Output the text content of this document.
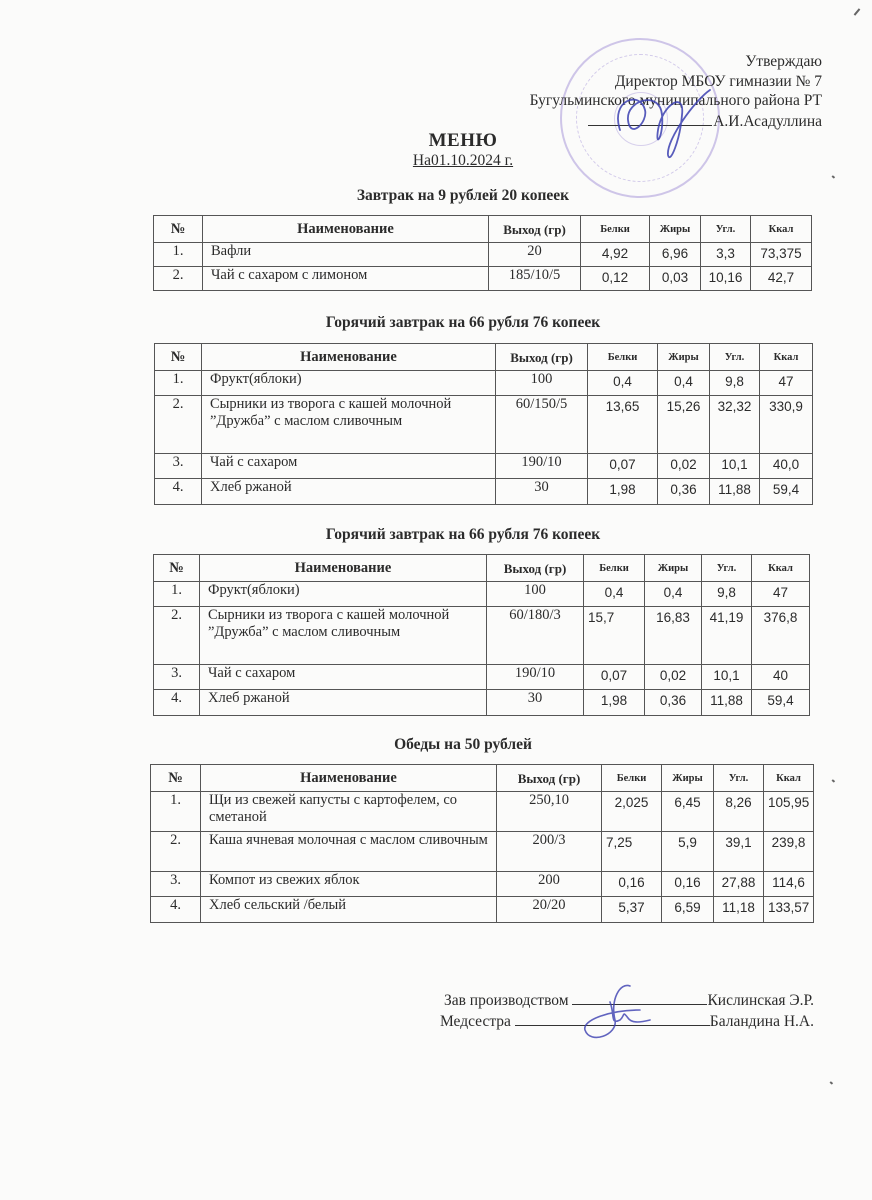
Утверждаю
Директор МБОУ гимназии № 7
Бугульминского муниципального района РТ
А.И.Асадуллина
МЕНЮ
На01.10.2024 г.
Завтрак на 9 рублей 20 копеек
№	Наименование	Выход (гр)	Белки	Жиры	Угл.	Ккал
1.	Вафли	20	4,92	6,96	3,3	73,375
2.	Чай с сахаром с лимоном	185/10/5	0,12	0,03	10,16	42,7
Горячий завтрак на 66 рубля 76 копеек
№	Наименование	Выход (гр)	Белки	Жиры	Угл.	Ккал
1.	Фрукт(яблоки)	100	0,4	0,4	9,8	47
2.	Сырники из творога с кашей молочной ”Дружба” с маслом сливочным	60/150/5	13,65	15,26	32,32	330,9
3.	Чай с сахаром	190/10	0,07	0,02	10,1	40,0
4.	Хлеб ржаной	30	1,98	0,36	11,88	59,4
Горячий завтрак на 66 рубля 76 копеек
№	Наименование	Выход (гр)	Белки	Жиры	Угл.	Ккал
1.	Фрукт(яблоки)	100	0,4	0,4	9,8	47
2.	Сырники из творога с кашей молочной ”Дружба” с маслом сливочным	60/180/3	15,7	16,83	41,19	376,8
3.	Чай с сахаром	190/10	0,07	0,02	10,1	40
4.	Хлеб ржаной	30	1,98	0,36	11,88	59,4
Обеды на 50 рублей
№	Наименование	Выход (гр)	Белки	Жиры	Угл.	Ккал
1.	Щи из свежей капусты с картофелем, со сметаной	250,10	2,025	6,45	8,26	105,95
2.	Каша ячневая молочная с маслом сливочным	200/3	7,25	5,9	39,1	239,8
3.	Компот из свежих яблок	200	0,16	0,16	27,88	114,6
4.	Хлеб сельский /белый	20/20	5,37	6,59	11,18	133,57
Зав производством	Кислинская Э.Р.
Медсестра	Баландина Н.А.
